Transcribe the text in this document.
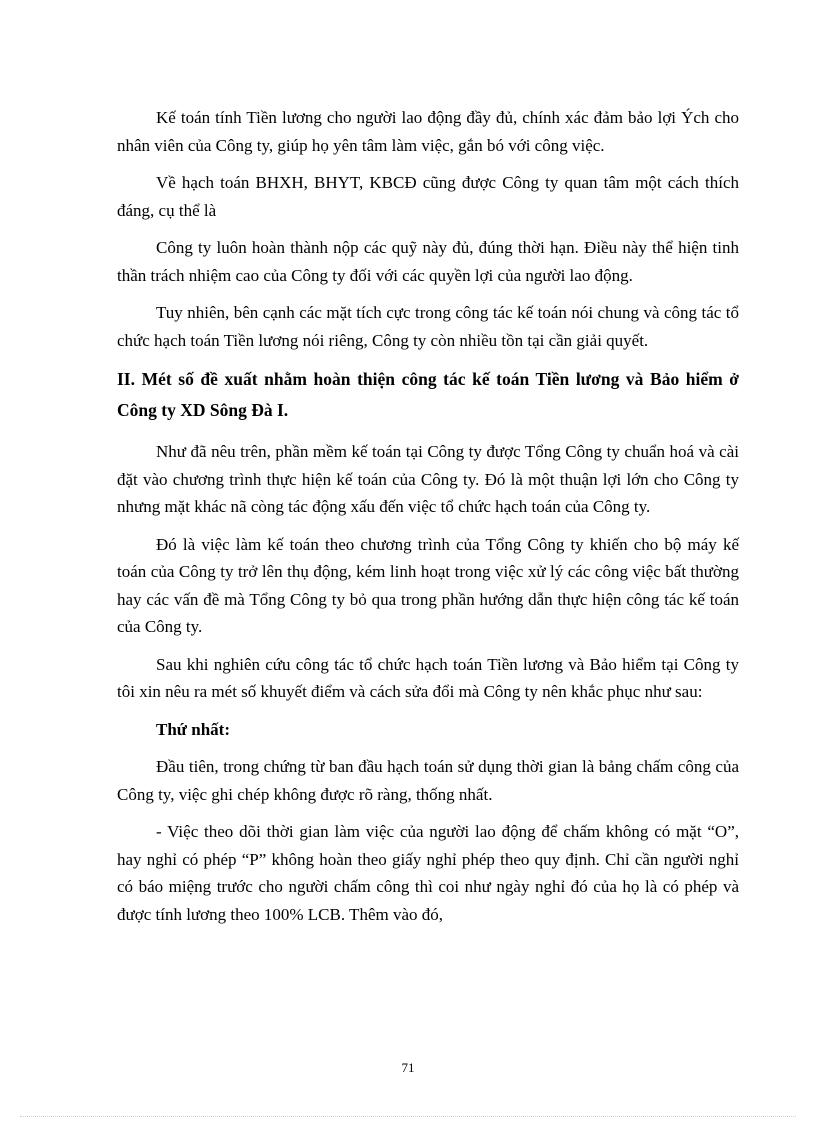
Kế toán tính Tiền lương cho người lao động đầy đủ, chính xác đảm bảo lợi Ých cho nhân viên của Công ty, giúp họ yên tâm làm việc, gắn bó với công việc.

Về hạch toán BHXH, BHYT, KBCĐ cũng được Công ty quan tâm một cách thích đáng, cụ thể là

Công ty luôn hoàn thành nộp các quỹ này đủ, đúng thời hạn. Điều này thể hiện tinh thần trách nhiệm cao của Công ty đối với các quyền lợi của người lao động.

Tuy nhiên, bên cạnh các mặt tích cực trong công tác kế toán nói chung và công tác tổ chức hạch toán Tiền lương nói riêng, Công ty còn nhiều tồn tại cần giải quyết.

II. Mét số đề xuất nhằm hoàn thiện công tác kế toán Tiền lương và Bảo hiểm ở Công ty XD Sông Đà I.

Như đã nêu trên, phần mềm kế toán tại Công ty được Tổng Công ty chuẩn hoá và cài đặt vào chương trình thực hiện kế toán của Công ty. Đó là một thuận lợi lớn cho Công ty nhưng mặt khác nã còng tác động xấu đến việc tổ chức hạch toán của Công ty.

Đó là việc làm kế toán theo chương trình của Tổng Công ty khiến cho bộ máy kế toán của Công ty trở lên thụ động, kém linh hoạt trong việc xử lý các công việc bất thường hay các vấn đề mà Tổng Công ty bỏ qua trong phần hướng dẫn thực hiện công tác kế toán của Công ty.

Sau khi nghiên cứu công tác tổ chức hạch toán Tiền lương và Bảo hiểm tại Công ty tôi xin nêu ra mét số khuyết điểm và cách sửa đổi mà Công ty nên khắc phục như sau:

Thứ nhất:

Đầu tiên, trong chứng từ ban đầu hạch toán sử dụng thời gian là bảng chấm công của Công ty, việc ghi chép không được rõ ràng, thống nhất.

- Việc theo dõi thời gian làm việc của người lao động để chấm không có mặt “O”, hay nghỉ có phép “P” không hoàn theo giấy nghỉ phép theo quy định. Chỉ cần người nghỉ có báo miệng trước cho người chấm công thì coi như ngày nghỉ đó của họ là có phép và được tính lương theo 100% LCB. Thêm vào đó,

71
